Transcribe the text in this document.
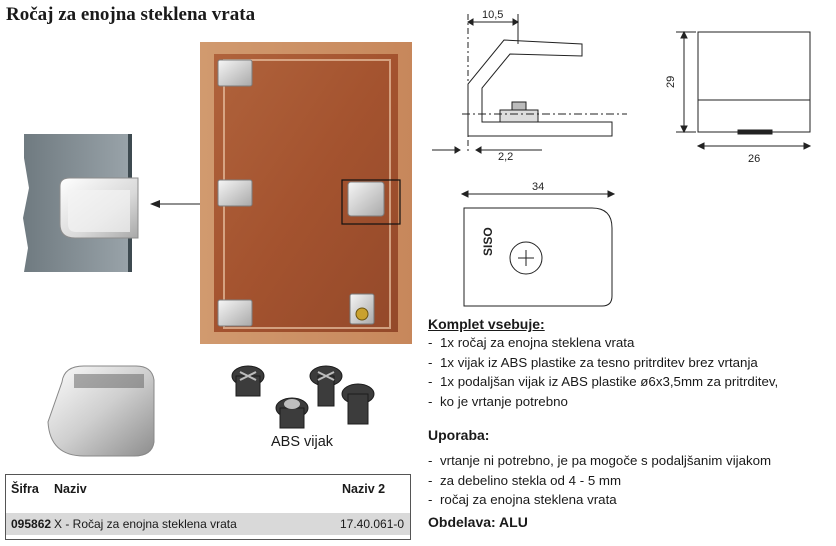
Ročaj za enojna steklena vrata
ABS vijak
10,5
2,2
29
26
34
SISO
Komplet vsebuje:
- 1x ročaj za enojna steklena vrata
- 1x vijak iz ABS plastike za tesno pritrditev brez vrtanja
- 1x podaljšan vijak iz ABS plastike ø6x3,5mm za pritrditev,
- ko je vrtanje potrebno
Uporaba:
- vrtanje ni potrebno, je pa mogoče s podaljšanim vijakom
- za debelino stekla od 4 - 5 mm
- ročaj za enojna steklena vrata
Obdelava: ALU
Šifra Naziv	Naziv 2
095862 X - Ročaj za enojna steklena vrata	17.40.061-0
